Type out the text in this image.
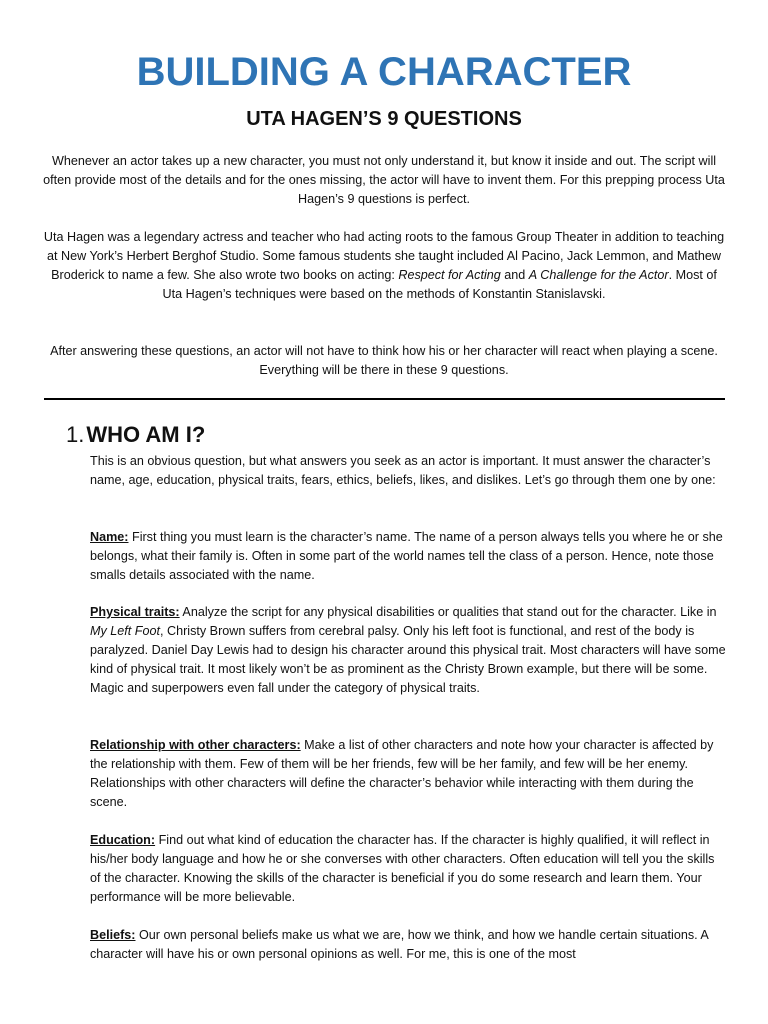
BUILDING A CHARACTER
UTA HAGEN’S 9 QUESTIONS

Whenever an actor takes up a new character, you must not only understand it, but know it inside and out. The script will often provide most of the details and for the ones missing, the actor will have to invent them. For this prepping process Uta Hagen’s 9 questions is perfect.

Uta Hagen was a legendary actress and teacher who had acting roots to the famous Group Theater in addition to teaching at New York’s Herbert Berghof Studio. Some famous students she taught included Al Pacino, Jack Lemmon, and Mathew Broderick to name a few. She also wrote two books on acting: Respect for Acting and A Challenge for the Actor. Most of Uta Hagen’s techniques were based on the methods of Konstantin Stanislavski.

After answering these questions, an actor will not have to think how his or her character will react when playing a scene. Everything will be there in these 9 questions.

1.WHO AM I?

This is an obvious question, but what answers you seek as an actor is important. It must answer the character’s name, age, education, physical traits, fears, ethics, beliefs, likes, and dislikes. Let’s go through them one by one:

Name: First thing you must learn is the character’s name. The name of a person always tells you where he or she belongs, what their family is. Often in some part of the world names tell the class of a person. Hence, note those smalls details associated with the name.

Physical traits: Analyze the script for any physical disabilities or qualities that stand out for the character. Like in My Left Foot, Christy Brown suffers from cerebral palsy. Only his left foot is functional, and rest of the body is paralyzed. Daniel Day Lewis had to design his character around this physical trait. Most characters will have some kind of physical trait. It most likely won’t be as prominent as the Christy Brown example, but there will be some. Magic and superpowers even fall under the category of physical traits.

Relationship with other characters: Make a list of other characters and note how your character is affected by the relationship with them. Few of them will be her friends, few will be her family, and few will be her enemy. Relationships with other characters will define the character’s behavior while interacting with them during the scene.

Education: Find out what kind of education the character has. If the character is highly qualified, it will reflect in his/her body language and how he or she converses with other characters. Often education will tell you the skills of the character. Knowing the skills of the character is beneficial if you do some research and learn them. Your performance will be more believable.

Beliefs: Our own personal beliefs make us what we are, how we think, and how we handle certain situations. A character will have his or own personal opinions as well. For me, this is one of the most
